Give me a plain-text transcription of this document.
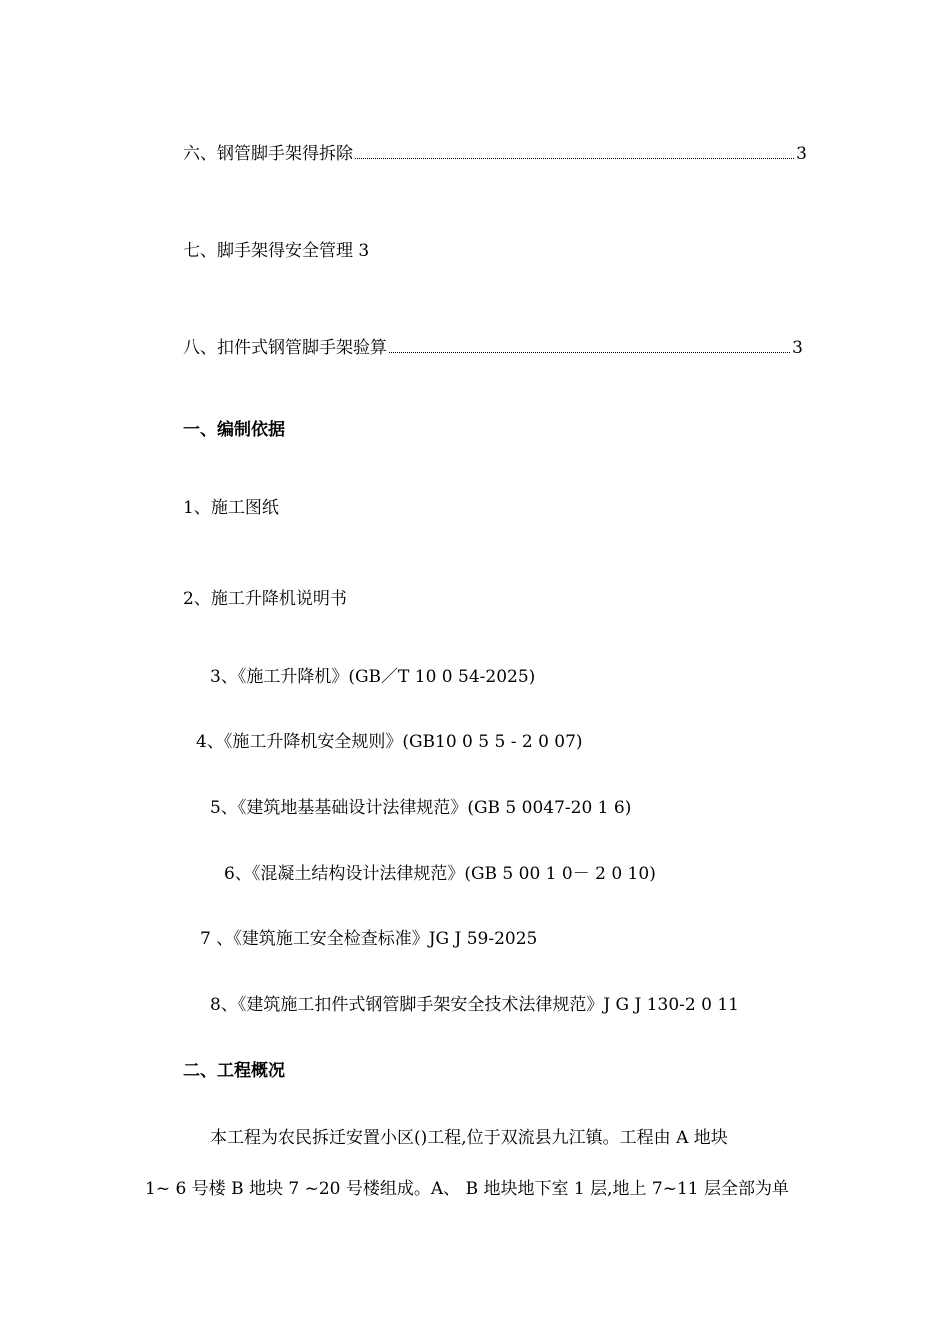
六、钢管脚手架得拆除	3
七、脚手架得安全管理 3
八、扣件式钢管脚手架验算	3
一、编制依据
1、施工图纸
2、施工升降机说明书
3、《施工升降机》(GB／T 10 0 54-2025)
4、《施工升降机安全规则》(GB10 0 5 5 - 2 0 07)
5、《建筑地基基础设计法律规范》(GB 5 0047-20 1 6)
6、《混凝土结构设计法律规范》(GB 5 00 1 0－ 2 0 10)
7 、《建筑施工安全检查标准》JG J 59-2025
8、《建筑施工扣件式钢管脚手架安全技术法律规范》J G J 130-2 0 11
二、工程概况
本工程为农民拆迁安置小区()工程,位于双流县九江镇。工程由 A 地块
1~ 6 号楼 B 地块 7 ~20 号楼组成。A、 B 地块地下室 1 层,地上 7~11 层全部为单
